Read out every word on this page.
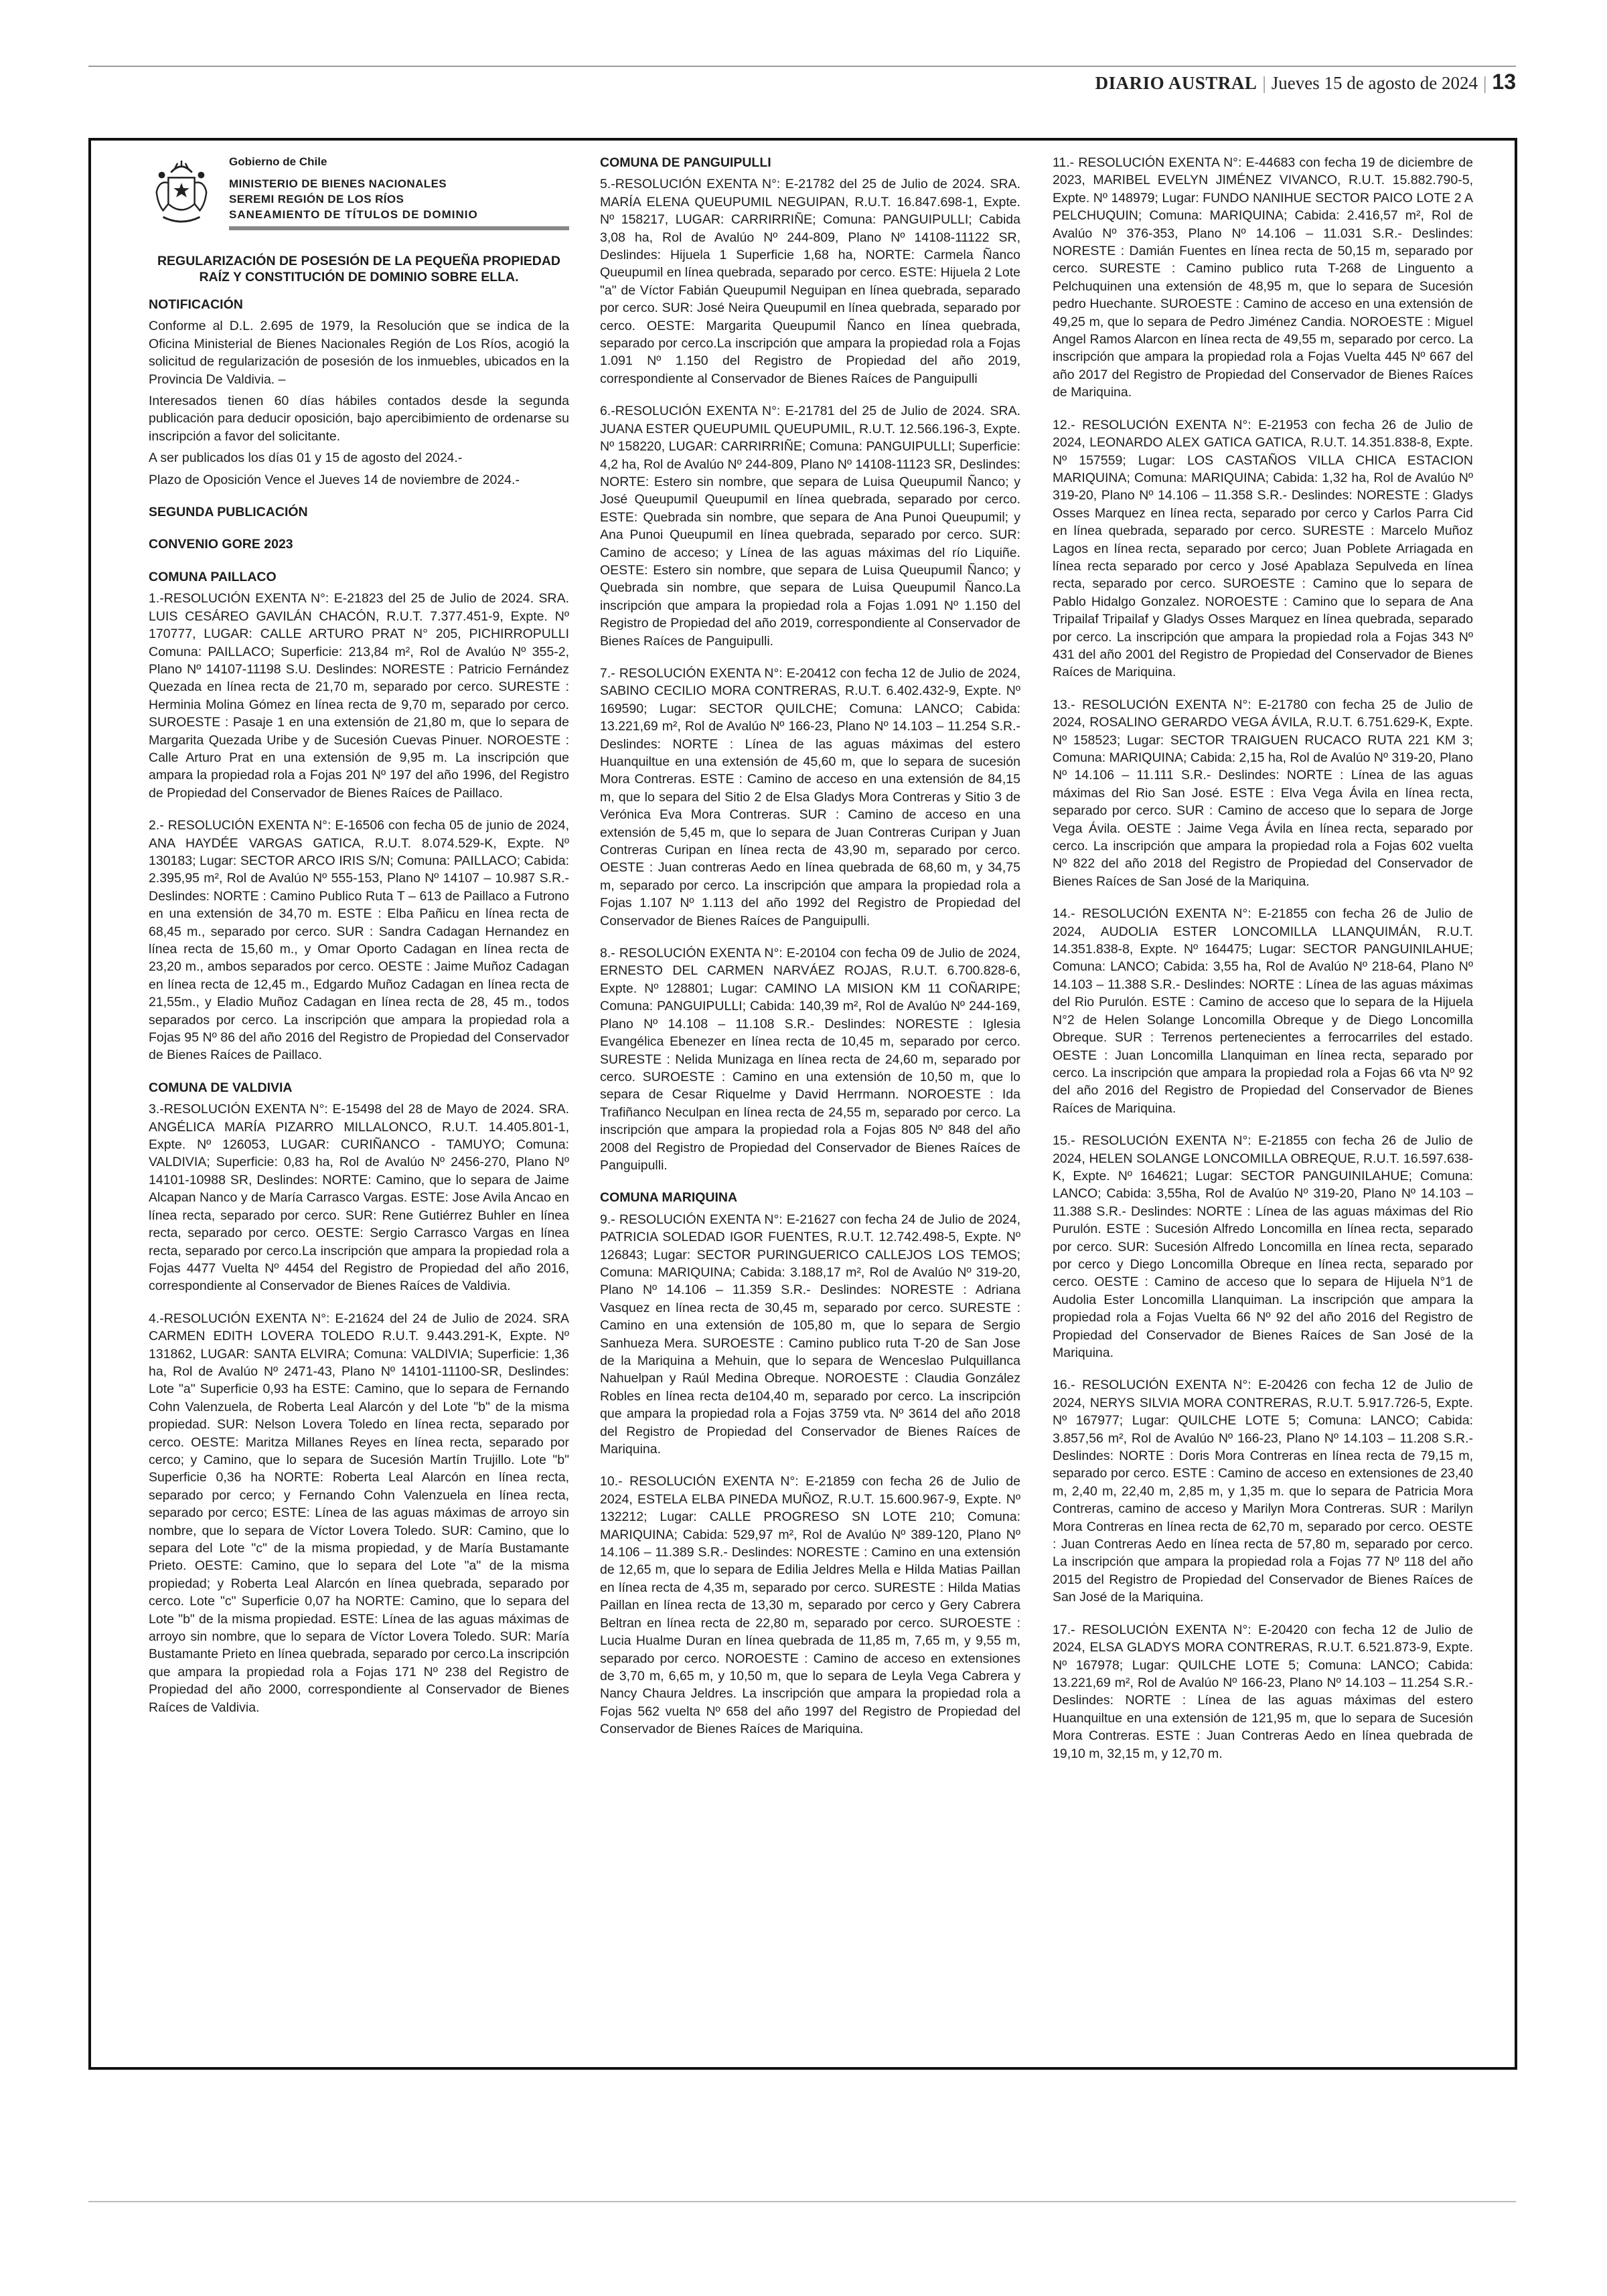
DIARIO AUSTRAL | Jueves 15 de agosto de 2024 | 13
Gobierno de Chile
MINISTERIO DE BIENES NACIONALES
SEREMI REGIÓN DE LOS RÍOS
SANEAMIENTO DE TÍTULOS DE DOMINIO
REGULARIZACIÓN DE POSESIÓN DE LA PEQUEÑA PROPIEDAD RAÍZ Y CONSTITUCIÓN DE DOMINIO SOBRE ELLA.
NOTIFICACIÓN

Conforme al D.L. 2.695 de 1979, la Resolución que se indica de la Oficina Ministerial de Bienes Nacionales Región de Los Ríos, acogió la solicitud de regularización de posesión de los inmuebles, ubicados en la Provincia De Valdivia. –

Interesados tienen 60 días hábiles contados desde la segunda publicación para deducir oposición, bajo apercibimiento de ordenarse su inscripción a favor del solicitante.

A ser publicados los días 01 y 15 de agosto del 2024.-

Plazo de Oposición Vence el Jueves 14 de noviembre de 2024.-

SEGUNDA PUBLICACIÓN
CONVENIO GORE 2023
COMUNA PAILLACO

1.-RESOLUCIÓN EXENTA N°: E-21823 del 25 de Julio de 2024. SRA. LUIS CESÁREO GAVILÁN CHACÓN, R.U.T. 7.377.451-9, Expte. Nº 170777, LUGAR: CALLE ARTURO PRAT N° 205, PICHIRROPULLI Comuna: PAILLACO; Superficie: 213,84 m², Rol de Avalúo Nº 355-2, Plano Nº 14107-11198 S.U. Deslindes: NORESTE : Patricio Fernández Quezada en línea recta de 21,70 m, separado por cerco. SURESTE : Herminia Molina Gómez en línea recta de 9,70 m, separado por cerco. SUROESTE : Pasaje 1 en una extensión de 21,80 m, que lo separa de Margarita Quezada Uribe y de Sucesión Cuevas Pinuer. NOROESTE : Calle Arturo Prat en una extensión de 9,95 m. La inscripción que ampara la propiedad rola a Fojas 201 Nº 197 del año 1996, del Registro de Propiedad del Conservador de Bienes Raíces de Paillaco.

2.- RESOLUCIÓN EXENTA N°: E-16506 con fecha 05 de junio de 2024, ANA HAYDÉE VARGAS GATICA, R.U.T. 8.074.529-K, Expte. Nº 130183; Lugar: SECTOR ARCO IRIS S/N; Comuna: PAILLACO; Cabida: 2.395,95 m², Rol de Avalúo Nº 555-153, Plano Nº 14107 – 10.987 S.R.- Deslindes: NORTE : Camino Publico Ruta T – 613 de Paillaco a Futrono en una extensión de 34,70 m. ESTE : Elba Pañicu en línea recta de 68,45 m., separado por cerco. SUR : Sandra Cadagan Hernandez en línea recta de 15,60 m., y Omar Oporto Cadagan en línea recta de 23,20 m., ambos separados por cerco. OESTE : Jaime Muñoz Cadagan en línea recta de 12,45 m., Edgardo Muñoz Cadagan en línea recta de 21,55m., y Eladio Muñoz Cadagan en línea recta de 28, 45 m., todos separados por cerco. La inscripción que ampara la propiedad rola a Fojas 95 Nº 86 del año 2016 del Registro de Propiedad del Conservador de Bienes Raíces de Paillaco.

COMUNA DE VALDIVIA

3.-RESOLUCIÓN EXENTA N°: E-15498 del 28 de Mayo de 2024. SRA. ANGÉLICA MARÍA PIZARRO MILLALONCO, R.U.T. 14.405.801-1, Expte. Nº 126053, LUGAR: CURIÑANCO - TAMUYO; Comuna: VALDIVIA; Superficie: 0,83 ha, Rol de Avalúo Nº 2456-270, Plano Nº 14101-10988 SR, Deslindes: NORTE: Camino, que lo separa de Jaime Alcapan Nanco y de María Carrasco Vargas. ESTE: Jose Avila Ancao en línea recta, separado por cerco. SUR: Rene Gutiérrez Buhler en línea recta, separado por cerco. OESTE: Sergio Carrasco Vargas en línea recta, separado por cerco.La inscripción que ampara la propiedad rola a Fojas 4477 Vuelta Nº 4454 del Registro de Propiedad del año 2016, correspondiente al Conservador de Bienes Raíces de Valdivia.

4.-RESOLUCIÓN EXENTA N°: E-21624 del 24 de Julio de 2024. SRA CARMEN EDITH LOVERA TOLEDO R.U.T. 9.443.291-K, Expte. Nº 131862, LUGAR: SANTA ELVIRA; Comuna: VALDIVIA; Superficie: 1,36 ha, Rol de Avalúo Nº 2471-43, Plano Nº 14101-11100-SR, Deslindes: Lote "a" Superficie 0,93 ha ESTE: Camino, que lo separa de Fernando Cohn Valenzuela, de Roberta Leal Alarcón y del Lote "b" de la misma propiedad. SUR: Nelson Lovera Toledo en línea recta, separado por cerco. OESTE: Maritza Millanes Reyes en línea recta, separado por cerco; y Camino, que lo separa de Sucesión Martín Trujillo. Lote "b" Superficie 0,36 ha NORTE: Roberta Leal Alarcón en línea recta, separado por cerco; y Fernando Cohn Valenzuela en línea recta, separado por cerco; ESTE: Línea de las aguas máximas de arroyo sin nombre, que lo separa de Víctor Lovera Toledo. SUR: Camino, que lo separa del Lote "c" de la misma propiedad, y de María Bustamante Prieto. OESTE: Camino, que lo separa del Lote "a" de la misma propiedad; y Roberta Leal Alarcón en línea quebrada, separado por cerco. Lote "c" Superficie 0,07 ha NORTE: Camino, que lo separa del Lote "b" de la misma propiedad. ESTE: Línea de las aguas máximas de arroyo sin nombre, que lo separa de Víctor Lovera Toledo. SUR: María Bustamante Prieto en línea quebrada, separado por cerco.La inscripción que ampara la propiedad rola a Fojas 171 Nº 238 del Registro de Propiedad del año 2000, correspondiente al Conservador de Bienes Raíces de Valdivia.

COMUNA DE PANGUIPULLI

5.-RESOLUCIÓN EXENTA N°: E-21782 del 25 de Julio de 2024. SRA. MARÍA ELENA QUEUPUMIL NEGUIPAN, R.U.T. 16.847.698-1, Expte. Nº 158217, LUGAR: CARRIRRIÑE; Comuna: PANGUIPULLI; Cabida 3,08 ha, Rol de Avalúo Nº 244-809, Plano Nº 14108-11122 SR, Deslindes: Hijuela 1 Superficie 1,68 ha, NORTE: Carmela Ñanco Queupumil en línea quebrada, separado por cerco. ESTE: Hijuela 2 Lote "a" de Víctor Fabián Queupumil Neguipan en línea quebrada, separado por cerco. SUR: José Neira Queupumil en línea quebrada, separado por cerco. OESTE: Margarita Queupumil Ñanco en línea quebrada, separado por cerco.La inscripción que ampara la propiedad rola a Fojas 1.091 Nº 1.150 del Registro de Propiedad del año 2019, correspondiente al Conservador de Bienes Raíces de Panguipulli

6.-RESOLUCIÓN EXENTA N°: E-21781 del 25 de Julio de 2024. SRA. JUANA ESTER QUEUPUMIL QUEUPUMIL, R.U.T. 12.566.196-3, Expte. Nº 158220, LUGAR: CARRIRRIÑE; Comuna: PANGUIPULLI; Superficie: 4,2 ha, Rol de Avalúo Nº 244-809, Plano Nº 14108-11123 SR, Deslindes: NORTE: Estero sin nombre, que separa de Luisa Queupumil Ñanco; y José Queupumil Queupumil en línea quebrada, separado por cerco. ESTE: Quebrada sin nombre, que separa de Ana Punoi Queupumil; y Ana Punoi Queupumil en línea quebrada, separado por cerco. SUR: Camino de acceso; y Línea de las aguas máximas del río Liquiñe. OESTE: Estero sin nombre, que separa de Luisa Queupumil Ñanco; y Quebrada sin nombre, que separa de Luisa Queupumil Ñanco.La inscripción que ampara la propiedad rola a Fojas 1.091 Nº 1.150 del Registro de Propiedad del año 2019, correspondiente al Conservador de Bienes Raíces de Panguipulli.

7.- RESOLUCIÓN EXENTA N°: E-20412 con fecha 12 de Julio de 2024, SABINO CECILIO MORA CONTRERAS, R.U.T. 6.402.432-9, Expte. Nº 169590; Lugar: SECTOR QUILCHE; Comuna: LANCO; Cabida: 13.221,69 m², Rol de Avalúo Nº 166-23, Plano Nº 14.103 – 11.254 S.R.- Deslindes: NORTE : Línea de las aguas máximas del estero Huanquiltue en una extensión de 45,60 m, que lo separa de sucesión Mora Contreras. ESTE : Camino de acceso en una extensión de 84,15 m, que lo separa del Sitio 2 de Elsa Gladys Mora Contreras y Sitio 3 de Verónica Eva Mora Contreras. SUR : Camino de acceso en una extensión de 5,45 m, que lo separa de Juan Contreras Curipan y Juan Contreras Curipan en línea recta de 43,90 m, separado por cerco. OESTE : Juan contreras Aedo en línea quebrada de 68,60 m, y 34,75 m, separado por cerco. La inscripción que ampara la propiedad rola a Fojas 1.107 Nº 1.113 del año 1992 del Registro de Propiedad del Conservador de Bienes Raíces de Panguipulli.

8.- RESOLUCIÓN EXENTA N°: E-20104 con fecha 09 de Julio de 2024, ERNESTO DEL CARMEN NARVÁEZ ROJAS, R.U.T. 6.700.828-6, Expte. Nº 128801; Lugar: CAMINO LA MISION KM 11 COÑARIPE; Comuna: PANGUIPULLI; Cabida: 140,39 m², Rol de Avalúo Nº 244-169, Plano Nº 14.108 – 11.108 S.R.- Deslindes: NORESTE : Iglesia Evangélica Ebenezer en línea recta de 10,45 m, separado por cerco. SURESTE : Nelida Munizaga en línea recta de 24,60 m, separado por cerco. SUROESTE : Camino en una extensión de 10,50 m, que lo separa de Cesar Riquelme y David Herrmann. NOROESTE : Ida Trafiñanco Neculpan en línea recta de 24,55 m, separado por cerco. La inscripción que ampara la propiedad rola a Fojas 805 Nº 848 del año 2008 del Registro de Propiedad del Conservador de Bienes Raíces de Panguipulli.

COMUNA MARIQUINA

9.- RESOLUCIÓN EXENTA N°: E-21627 con fecha 24 de Julio de 2024, PATRICIA SOLEDAD IGOR FUENTES, R.U.T. 12.742.498-5, Expte. Nº 126843; Lugar: SECTOR PURINGUERICO CALLEJOS LOS TEMOS; Comuna: MARIQUINA; Cabida: 3.188,17 m², Rol de Avalúo Nº 319-20, Plano Nº 14.106 – 11.359 S.R.- Deslindes: NORESTE : Adriana Vasquez en línea recta de 30,45 m, separado por cerco. SURESTE : Camino en una extensión de 105,80 m, que lo separa de Sergio Sanhueza Mera. SUROESTE : Camino publico ruta T-20 de San Jose de la Mariquina a Mehuin, que lo separa de Wenceslao Pulquillanca Nahuelpan y Raúl Medina Obreque. NOROESTE : Claudia González Robles en línea recta de104,40 m, separado por cerco. La inscripción que ampara la propiedad rola a Fojas 3759 vta. Nº 3614 del año 2018 del Registro de Propiedad del Conservador de Bienes Raíces de Mariquina.

10.- RESOLUCIÓN EXENTA N°: E-21859 con fecha 26 de Julio de 2024, ESTELA ELBA PINEDA MUÑOZ, R.U.T. 15.600.967-9, Expte. Nº 132212; Lugar: CALLE PROGRESO SN LOTE 210; Comuna: MARIQUINA; Cabida: 529,97 m², Rol de Avalúo Nº 389-120, Plano Nº 14.106 – 11.389 S.R.- Deslindes: NORESTE : Camino en una extensión de 12,65 m, que lo separa de Edilia Jeldres Mella e Hilda Matias Paillan en línea recta de 4,35 m, separado por cerco. SURESTE : Hilda Matias Paillan en línea recta de 13,30 m, separado por cerco y Gery Cabrera Beltran en línea recta de 22,80 m, separado por cerco. SUROESTE : Lucia Hualme Duran en línea quebrada de 11,85 m, 7,65 m, y 9,55 m, separado por cerco. NOROESTE : Camino de acceso en extensiones de 3,70 m, 6,65 m, y 10,50 m, que lo separa de Leyla Vega Cabrera y Nancy Chaura Jeldres. La inscripción que ampara la propiedad rola a Fojas 562 vuelta Nº 658 del año 1997 del Registro de Propiedad del Conservador de Bienes Raíces de Mariquina.

11.- RESOLUCIÓN EXENTA N°: E-44683 con fecha 19 de diciembre de 2023, MARIBEL EVELYN JIMÉNEZ VIVANCO, R.U.T. 15.882.790-5, Expte. Nº 148979; Lugar: FUNDO NANIHUE SECTOR PAICO LOTE 2 A PELCHUQUIN; Comuna: MARIQUINA; Cabida: 2.416,57 m², Rol de Avalúo Nº 376-353, Plano Nº 14.106 – 11.031 S.R.- Deslindes: NORESTE : Damián Fuentes en línea recta de 50,15 m, separado por cerco. SURESTE : Camino publico ruta T-268 de Linguento a Pelchuquinen una extensión de 48,95 m, que lo separa de Sucesión pedro Huechante. SUROESTE : Camino de acceso en una extensión de 49,25 m, que lo separa de Pedro Jiménez Candia. NOROESTE : Miguel Angel Ramos Alarcon en línea recta de 49,55 m, separado por cerco. La inscripción que ampara la propiedad rola a Fojas Vuelta 445 Nº 667 del año 2017 del Registro de Propiedad del Conservador de Bienes Raíces de Mariquina.

12.- RESOLUCIÓN EXENTA N°: E-21953 con fecha 26 de Julio de 2024, LEONARDO ALEX GATICA GATICA, R.U.T. 14.351.838-8, Expte. Nº 157559; Lugar: LOS CASTAÑOS VILLA CHICA ESTACION MARIQUINA; Comuna: MARIQUINA; Cabida: 1,32 ha, Rol de Avalúo Nº 319-20, Plano Nº 14.106 – 11.358 S.R.- Deslindes: NORESTE : Gladys Osses Marquez en línea recta, separado por cerco y Carlos Parra Cid en línea quebrada, separado por cerco. SURESTE : Marcelo Muñoz Lagos en línea recta, separado por cerco; Juan Poblete Arriagada en línea recta separado por cerco y José Apablaza Sepulveda en línea recta, separado por cerco. SUROESTE : Camino que lo separa de Pablo Hidalgo Gonzalez. NOROESTE : Camino que lo separa de Ana Tripailaf Tripailaf y Gladys Osses Marquez en línea quebrada, separado por cerco. La inscripción que ampara la propiedad rola a Fojas 343 Nº 431 del año 2001 del Registro de Propiedad del Conservador de Bienes Raíces de Mariquina.

13.- RESOLUCIÓN EXENTA N°: E-21780 con fecha 25 de Julio de 2024, ROSALINO GERARDO VEGA ÁVILA, R.U.T. 6.751.629-K, Expte. Nº 158523; Lugar: SECTOR TRAIGUEN RUCACO RUTA 221 KM 3; Comuna: MARIQUINA; Cabida: 2,15 ha, Rol de Avalúo Nº 319-20, Plano Nº 14.106 – 11.111 S.R.- Deslindes: NORTE : Línea de las aguas máximas del Rio San José. ESTE : Elva Vega Ávila en línea recta, separado por cerco. SUR : Camino de acceso que lo separa de Jorge Vega Ávila. OESTE : Jaime Vega Ávila en línea recta, separado por cerco. La inscripción que ampara la propiedad rola a Fojas 602 vuelta Nº 822 del año 2018 del Registro de Propiedad del Conservador de Bienes Raíces de San José de la Mariquina.

14.- RESOLUCIÓN EXENTA N°: E-21855 con fecha 26 de Julio de 2024, AUDOLIA ESTER LONCOMILLA LLANQUIMÁN, R.U.T. 14.351.838-8, Expte. Nº 164475; Lugar: SECTOR PANGUINILAHUE; Comuna: LANCO; Cabida: 3,55 ha, Rol de Avalúo Nº 218-64, Plano Nº 14.103 – 11.388 S.R.- Deslindes: NORTE : Línea de las aguas máximas del Rio Purulón. ESTE : Camino de acceso que lo separa de la Hijuela N°2 de Helen Solange Loncomilla Obreque y de Diego Loncomilla Obreque. SUR : Terrenos pertenecientes a ferrocarriles del estado. OESTE : Juan Loncomilla Llanquiman en línea recta, separado por cerco. La inscripción que ampara la propiedad rola a Fojas 66 vta Nº 92 del año 2016 del Registro de Propiedad del Conservador de Bienes Raíces de Mariquina.

15.- RESOLUCIÓN EXENTA N°: E-21855 con fecha 26 de Julio de 2024, HELEN SOLANGE LONCOMILLA OBREQUE, R.U.T. 16.597.638-K, Expte. Nº 164621; Lugar: SECTOR PANGUINILAHUE; Comuna: LANCO; Cabida: 3,55ha, Rol de Avalúo Nº 319-20, Plano Nº 14.103 – 11.388 S.R.- Deslindes: NORTE : Línea de las aguas máximas del Rio Purulón. ESTE : Sucesión Alfredo Loncomilla en línea recta, separado por cerco. SUR: Sucesión Alfredo Loncomilla en línea recta, separado por cerco y Diego Loncomilla Obreque en línea recta, separado por cerco. OESTE : Camino de acceso que lo separa de Hijuela N°1 de Audolia Ester Loncomilla Llanquiman. La inscripción que ampara la propiedad rola a Fojas Vuelta 66 Nº 92 del año 2016 del Registro de Propiedad del Conservador de Bienes Raíces de San José de la Mariquina.

16.- RESOLUCIÓN EXENTA N°: E-20426 con fecha 12 de Julio de 2024, NERYS SILVIA MORA CONTRERAS, R.U.T. 5.917.726-5, Expte. Nº 167977; Lugar: QUILCHE LOTE 5; Comuna: LANCO; Cabida: 3.857,56 m², Rol de Avalúo Nº 166-23, Plano Nº 14.103 – 11.208 S.R.- Deslindes: NORTE : Doris Mora Contreras en línea recta de 79,15 m, separado por cerco. ESTE : Camino de acceso en extensiones de 23,40 m, 2,40 m, 22,40 m, 2,85 m, y 1,35 m. que lo separa de Patricia Mora Contreras, camino de acceso y Marilyn Mora Contreras. SUR : Marilyn Mora Contreras en línea recta de 62,70 m, separado por cerco. OESTE : Juan Contreras Aedo en línea recta de 57,80 m, separado por cerco. La inscripción que ampara la propiedad rola a Fojas 77 Nº 118 del año 2015 del Registro de Propiedad del Conservador de Bienes Raíces de San José de la Mariquina.

17.- RESOLUCIÓN EXENTA N°: E-20420 con fecha 12 de Julio de 2024, ELSA GLADYS MORA CONTRERAS, R.U.T. 6.521.873-9, Expte. Nº 167978; Lugar: QUILCHE LOTE 5; Comuna: LANCO; Cabida: 13.221,69 m², Rol de Avalúo Nº 166-23, Plano Nº 14.103 – 11.254 S.R.- Deslindes: NORTE : Línea de las aguas máximas del estero Huanquiltue en una extensión de 121,95 m, que lo separa de Sucesión Mora Contreras. ESTE : Juan Contreras Aedo en línea quebrada de 19,10 m, 32,15 m, y 12,70 m.
